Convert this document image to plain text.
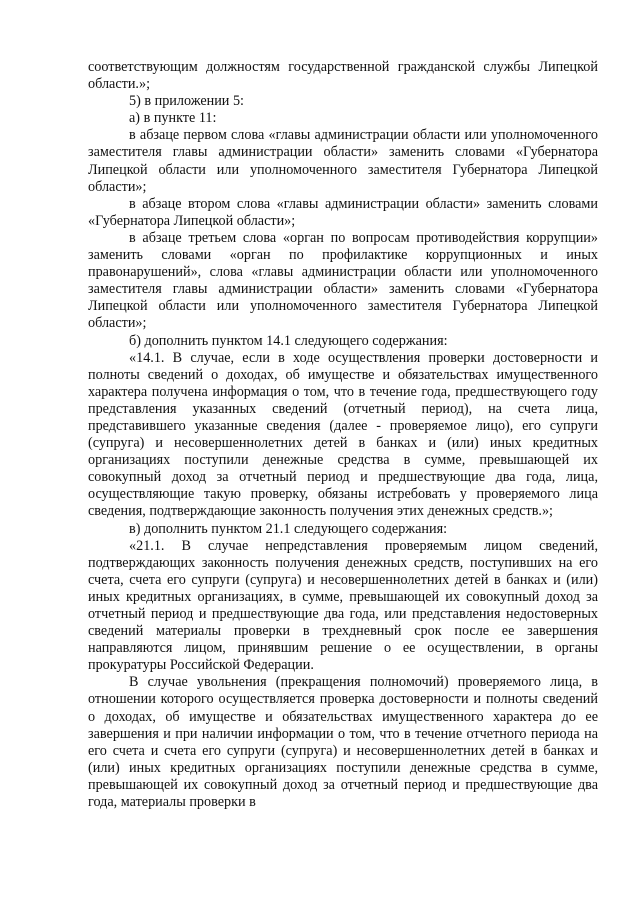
соответствующим должностям государственной гражданской службы Липецкой области.»;

5) в приложении 5:

а) в пункте 11:

в абзаце первом слова «главы администрации области или уполномоченного заместителя главы администрации области» заменить словами «Губернатора Липецкой области или уполномоченного заместителя Губернатора Липецкой области»;

в абзаце втором слова «главы администрации области» заменить словами «Губернатора Липецкой области»;

в абзаце третьем слова «орган по вопросам противодействия коррупции» заменить словами «орган по профилактике коррупционных и иных правонарушений», слова «главы администрации области или уполномоченного заместителя главы администрации области» заменить словами «Губернатора Липецкой области или уполномоченного заместителя Губернатора Липецкой области»;

б) дополнить пунктом 14.1 следующего содержания:

«14.1. В случае, если в ходе осуществления проверки достоверности и полноты сведений о доходах, об имуществе и обязательствах имущественного характера получена информация о том, что в течение года, предшествующего году представления указанных сведений (отчетный период), на счета лица, представившего указанные сведения (далее - проверяемое лицо), его супруги (супруга) и несовершеннолетних детей в банках и (или) иных кредитных организациях поступили денежные средства в сумме, превышающей их совокупный доход за отчетный период и предшествующие два года, лица, осуществляющие такую проверку, обязаны истребовать у проверяемого лица сведения, подтверждающие законность получения этих денежных средств.»;

в) дополнить пунктом 21.1 следующего содержания:

«21.1. В случае непредставления проверяемым лицом сведений, подтверждающих законность получения денежных средств, поступивших на его счета, счета его супруги (супруга) и несовершеннолетних детей в банках и (или) иных кредитных организациях, в сумме, превышающей их совокупный доход за отчетный период и предшествующие два года, или представления недостоверных сведений материалы проверки в трехдневный срок после ее завершения направляются лицом, принявшим решение о ее осуществлении, в органы прокуратуры Российской Федерации.

В случае увольнения (прекращения полномочий) проверяемого лица, в отношении которого осуществляется проверка достоверности и полноты сведений о доходах, об имуществе и обязательствах имущественного характера до ее завершения и при наличии информации о том, что в течение отчетного периода на его счета и счета его супруги (супруга) и несовершеннолетних детей в банках и (или) иных кредитных организациях поступили денежные средства в сумме, превышающей их совокупный доход за отчетный период и предшествующие два года, материалы проверки в
